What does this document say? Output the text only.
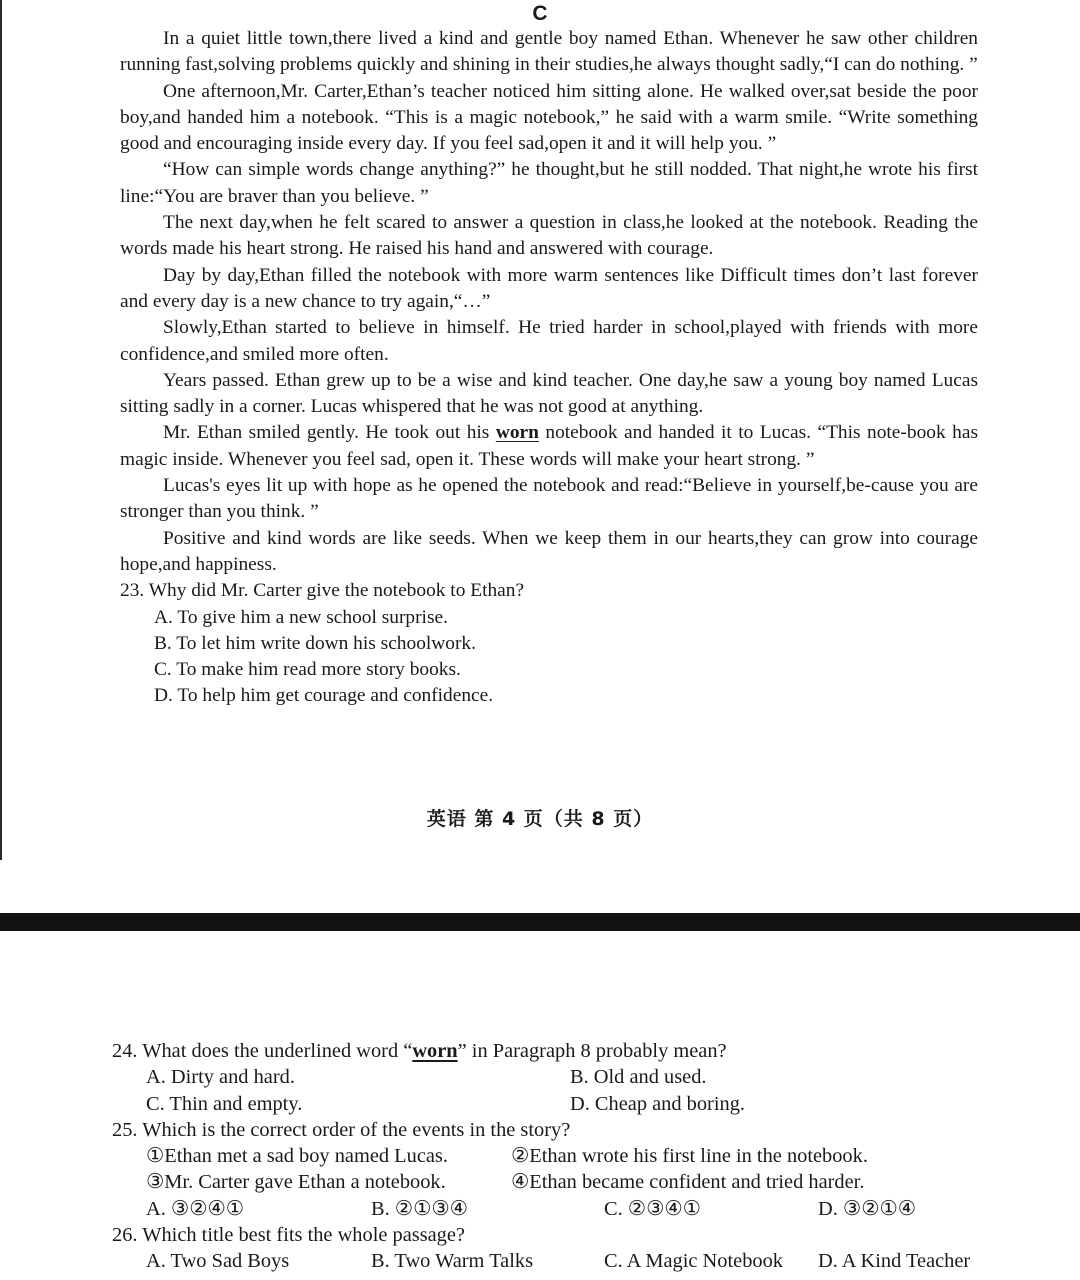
C

In a quiet little town,there lived a kind and gentle boy named Ethan. Whenever he saw other children running fast,solving problems quickly and shining in their studies,he always thought sadly,“I can do nothing. ”

One afternoon,Mr. Carter,Ethan’s teacher noticed him sitting alone. He walked over,sat beside the poor boy,and handed him a notebook. “This is a magic notebook,” he said with a warm smile. “Write something good and encouraging inside every day. If you feel sad,open it and it will help you. ”

“How can simple words change anything?” he thought,but he still nodded. That night,he wrote his first line:“You are braver than you believe. ”

The next day,when he felt scared to answer a question in class,he looked at the notebook. Reading the words made his heart strong. He raised his hand and answered with courage.

Day by day,Ethan filled the notebook with more warm sentences like Difficult times don’t last forever and every day is a new chance to try again,“…”

Slowly,Ethan started to believe in himself. He tried harder in school,played with friends with more confidence,and smiled more often.

Years passed. Ethan grew up to be a wise and kind teacher. One day,he saw a young boy named Lucas sitting sadly in a corner. Lucas whispered that he was not good at anything.

Mr. Ethan smiled gently. He took out his worn notebook and handed it to Lucas. “This note-book has magic inside. Whenever you feel sad, open it. These words will make your heart strong. ”

Lucas's eyes lit up with hope as he opened the notebook and read:“Believe in yourself,be-cause you are stronger than you think. ”

Positive and kind words are like seeds. When we keep them in our hearts,they can grow into courage hope,and happiness.

23. Why did Mr. Carter give the notebook to Ethan?

A. To give him a new school surprise.

B. To let him write down his schoolwork.

C. To make him read more story books.

D. To help him get courage and confidence.

英语 第 4 页（共 8 页）
24. What does the underlined word “worn” in Paragraph 8 probably mean?
A. Dirty and hard.	B. Old and used.
C. Thin and empty.	D. Cheap and boring.
25. Which is the correct order of the events in the story?
①Ethan met a sad boy named Lucas.	②Ethan wrote his first line in the notebook.
③Mr. Carter gave Ethan a notebook.	④Ethan became confident and tried harder.
A. ③②④①	B. ②①③④	C. ②③④①	D. ③②①④
26. Which title best fits the whole passage?
A. Two Sad Boys	B. Two Warm Talks	C. A Magic Notebook	D. A Kind Teacher
